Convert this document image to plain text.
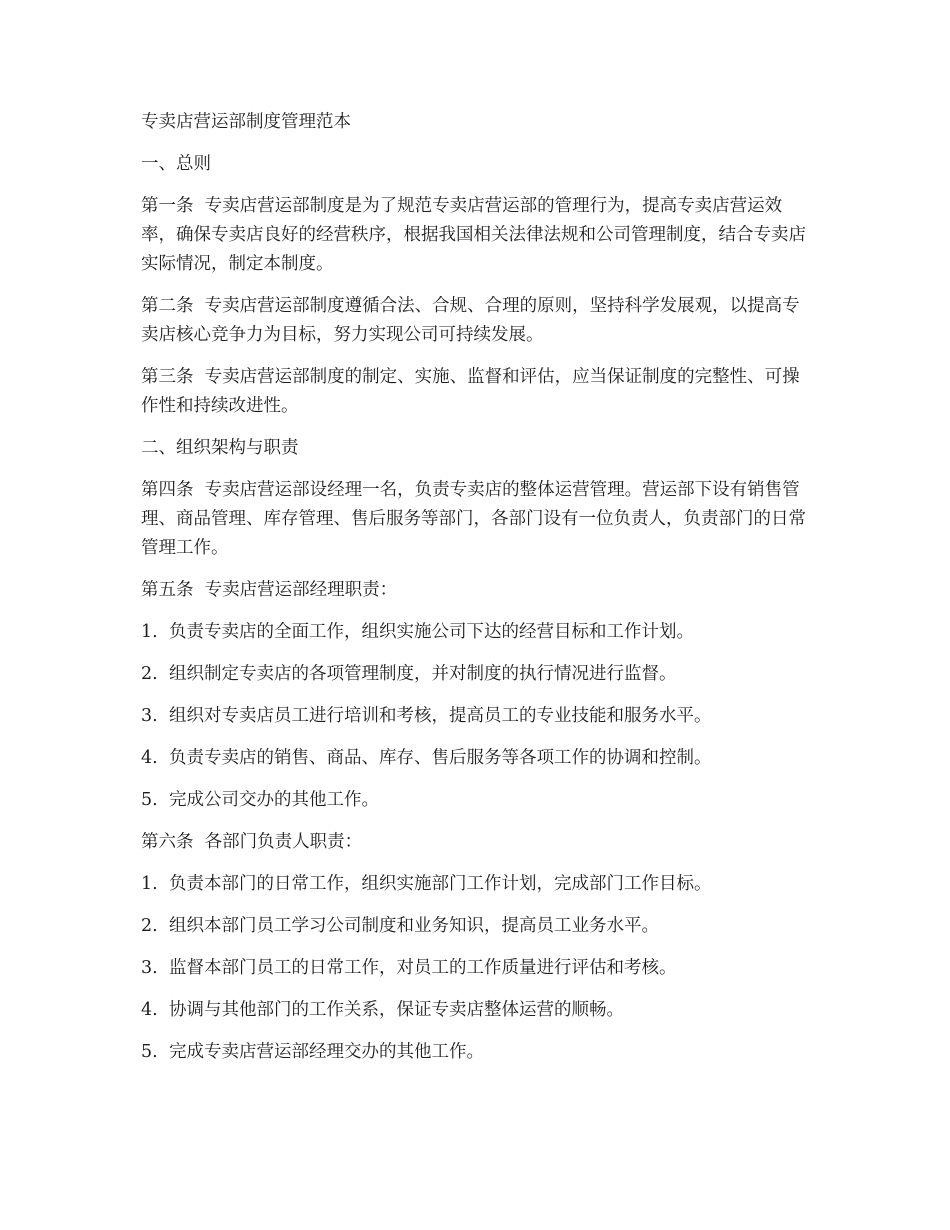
专卖店营运部制度管理范本

一、总则

第一条  专卖店营运部制度是为了规范专卖店营运部的管理行为，提高专卖店营运效率，确保专卖店良好的经营秩序，根据我国相关法律法规和公司管理制度，结合专卖店实际情况，制定本制度。

第二条  专卖店营运部制度遵循合法、合规、合理的原则，坚持科学发展观，以提高专卖店核心竞争力为目标，努力实现公司可持续发展。

第三条  专卖店营运部制度的制定、实施、监督和评估，应当保证制度的完整性、可操作性和持续改进性。

二、组织架构与职责

第四条  专卖店营运部设经理一名，负责专卖店的整体运营管理。营运部下设有销售管理、商品管理、库存管理、售后服务等部门，各部门设有一位负责人，负责部门的日常管理工作。

第五条  专卖店营运部经理职责：

1. 负责专卖店的全面工作，组织实施公司下达的经营目标和工作计划。

2. 组织制定专卖店的各项管理制度，并对制度的执行情况进行监督。

3. 组织对专卖店员工进行培训和考核，提高员工的专业技能和服务水平。

4. 负责专卖店的销售、商品、库存、售后服务等各项工作的协调和控制。

5. 完成公司交办的其他工作。

第六条  各部门负责人职责：

1. 负责本部门的日常工作，组织实施部门工作计划，完成部门工作目标。

2. 组织本部门员工学习公司制度和业务知识，提高员工业务水平。

3. 监督本部门员工的日常工作，对员工的工作质量进行评估和考核。

4. 协调与其他部门的工作关系，保证专卖店整体运营的顺畅。

5. 完成专卖店营运部经理交办的其他工作。
